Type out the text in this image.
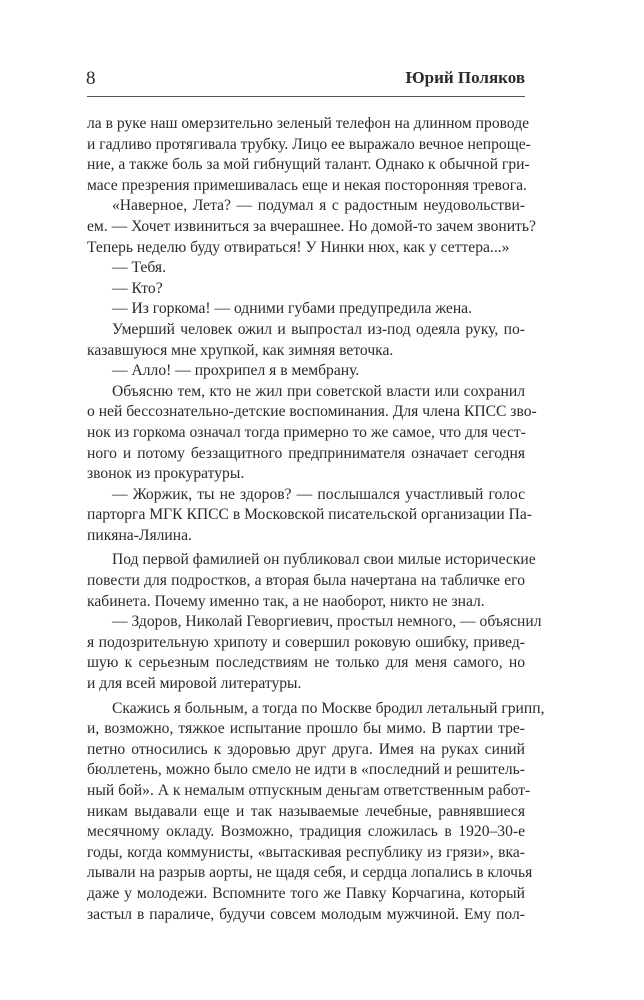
8	Юрий Поляков
ла в руке наш омерзительно зеленый телефон на длинном проводе
и гадливо протягивала трубку. Лицо ее выражало вечное непроще-
ние, а также боль за мой гибнущий талант. Однако к обычной гри-
масе презрения примешивалась еще и некая посторонняя тревога.
«Наверное, Лета? — подумал я с радостным неудовольстви-
ем. — Хочет извиниться за вчерашнее. Но домой-то зачем звонить?
Теперь неделю буду отвираться! У Нинки нюх, как у сеттера...»
— Тебя.
— Кто?
— Из горкома! — одними губами предупредила жена.
Умерший человек ожил и выпростал из-под одеяла руку, по-
казавшуюся мне хрупкой, как зимняя веточка.
— Алло! — прохрипел я в мембрану.
Объясню тем, кто не жил при советской власти или сохранил
о ней бессознательно-детские воспоминания. Для члена КПСС зво-
нок из горкома означал тогда примерно то же самое, что для чест-
ного и потому беззащитного предпринимателя означает сегодня
звонок из прокуратуры.
— Жоржик, ты не здоров? — послышался участливый голос
парторга МГК КПСС в Московской писательской организации Па-
пикяна-Лялина.
Под первой фамилией он публиковал свои милые исторические
повести для подростков, а вторая была начертана на табличке его
кабинета. Почему именно так, а не наоборот, никто не знал.
— Здоров, Николай Геворгиевич, простыл немного, — объяснил
я подозрительную хрипоту и совершил роковую ошибку, привед-
шую к серьезным последствиям не только для меня самого, но
и для всей мировой литературы.
Скажись я больным, а тогда по Москве бродил летальный грипп,
и, возможно, тяжкое испытание прошло бы мимо. В партии тре-
петно относились к здоровью друг друга. Имея на руках синий
бюллетень, можно было смело не идти в «последний и решитель-
ный бой». А к немалым отпускным деньгам ответственным работ-
никам выдавали еще и так называемые лечебные, равнявшиеся
месячному окладу. Возможно, традиция сложилась в 1920–30-е
годы, когда коммунисты, «вытаскивая республику из грязи», вка-
лывали на разрыв аорты, не щадя себя, и сердца лопались в клочья
даже у молодежи. Вспомните того же Павку Корчагина, который
застыл в параличе, будучи совсем молодым мужчиной. Ему пол-
